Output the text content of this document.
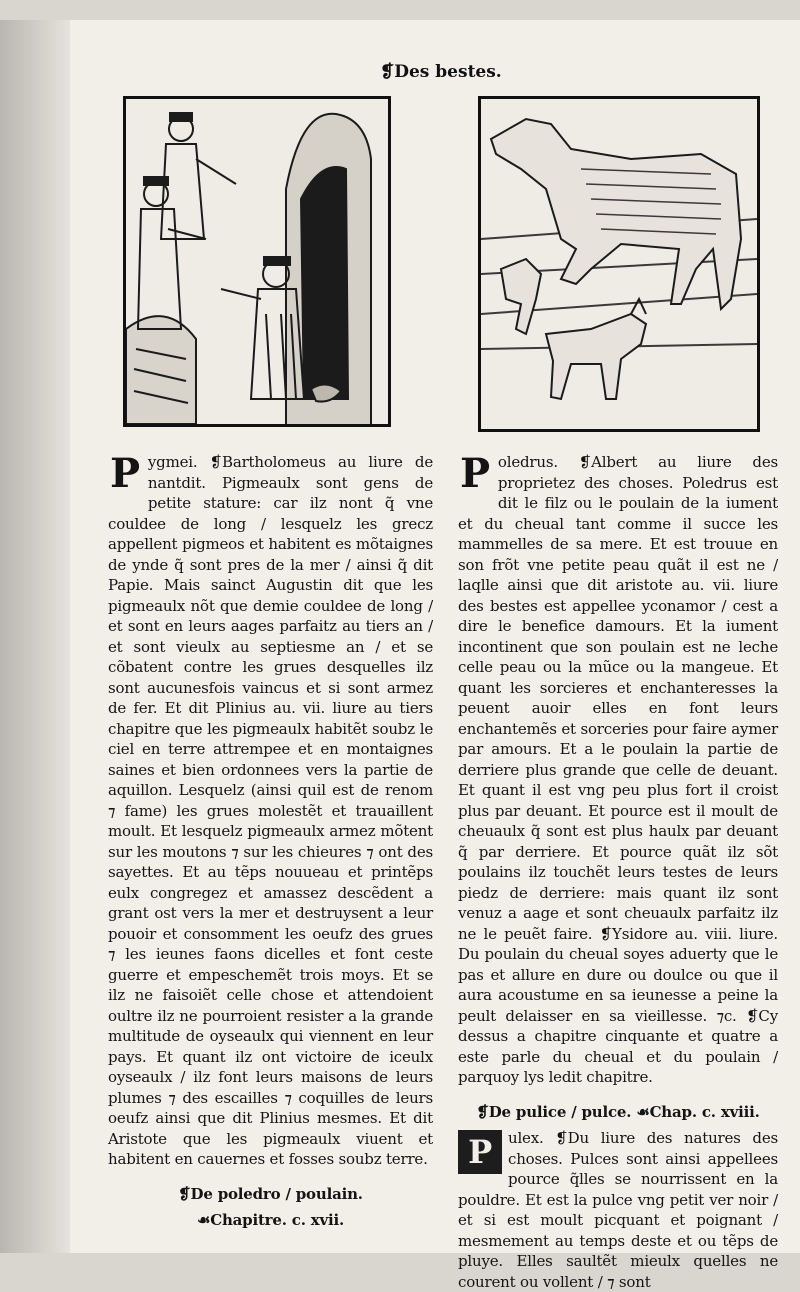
❡Des bestes.

P ygmei. ❡Bartholomeus au liure de nantdit. Pigmeaulx sont gens de petite stature: car ilz nont q̃ vne couldee de long / lesquelz les grecz appellent pigmeos et habitent es mõtaignes de ynde q̃ sont pres de la mer / ainsi q̃ dit Papie. Mais sainct Augustin dit que les pigmeaulx nõt que demie couldee de long / et sont en leurs aages parfaitz au tiers an / et sont vieulx au septiesme an / et se cõbatent contre les grues desquelles ilz sont aucunesfois vaincus et si sont armez de fer. Et dit Plinius au. vii. liure au tiers chapitre que les pigmeaulx habitẽt soubz le ciel en terre attrempee et en montaignes saines et bien ordonnees vers la partie de aquillon. Lesquelz (ainsi quil est de renom ⁊ fame) les grues molestẽt et trauaillent moult. Et lesquelz pigmeaulx armez mõtent sur les moutons ⁊ sur les chieures ⁊ ont des sayettes. Et au tẽps nouueau et printẽps eulx congregez et amassez descẽdent a grant ost vers la mer et destruysent a leur pouoir et consomment les oeufz des grues ⁊ les ieunes faons dicelles et font ceste guerre et empeschemẽt trois moys. Et se ilz ne faisoiẽt celle chose et attendoient oultre ilz ne pourroient resister a la grande multitude de oyseaulx qui viennent en leur pays. Et quant ilz ont victoire de iceulx oyseaulx / ilz font leurs maisons de leurs plumes ⁊ des escailles ⁊ coquilles de leurs oeufz ainsi que dit Plinius mesmes. Et dit Aristote que les pigmeaulx viuent et habitent en cauernes et fosses soubz terre.

❡De poledro / poulain.
☙Chapitre. c. xvii.

P oledrus. ❡Albert au liure des proprietez des choses. Poledrus est dit le filz ou le poulain de la iument et du cheual tant comme il succe les mammelles de sa mere. Et est trouue en son frõt vne petite peau quãt il est ne / laqlle ainsi que dit aristote au. vii. liure des bestes est appellee yconamor / cest a dire le benefice damours. Et la iument incontinent que son poulain est ne leche celle peau ou la mũce ou la mangeue. Et quant les sorcieres et enchanteresses la peuent auoir elles en font leurs enchantemẽs et sorceries pour faire aymer par amours. Et a le poulain la partie de derriere plus grande que celle de deuant. Et quant il est vng peu plus fort il croist plus par deuant. Et pource est il moult de cheuaulx q̃ sont est plus haulx par deuant q̃ par derriere. Et pource quãt ilz sõt poulains ilz touchẽt leurs testes de leurs piedz de derriere: mais quant ilz sont venuz a aage et sont cheuaulx parfaitz ilz ne le peuẽt faire. ❡Ysidore au. viii. liure. Du poulain du cheual soyes aduerty que le pas et allure en dure ou doulce ou que il aura acoustume en sa ieunesse a peine la peult delaisser en sa vieillesse. ⁊c. ❡Cy dessus a chapitre cinquante et quatre a este parle du cheual et du poulain / parquoy lys ledit chapitre.

❡De pulice / pulce. ☙Chap. c. xviii.

P	ulex. ❡Du liure des natures des choses. Pulces sont ainsi appellees pource q̃lles se nourrissent en la pouldre. Et est la pulce vng petit ver noir / et si est moult picquant et poignant / mesmement au temps deste et ou tẽps de pluye. Elles saultẽt mieulx quelles ne courent ou vollent / ⁊ sont
